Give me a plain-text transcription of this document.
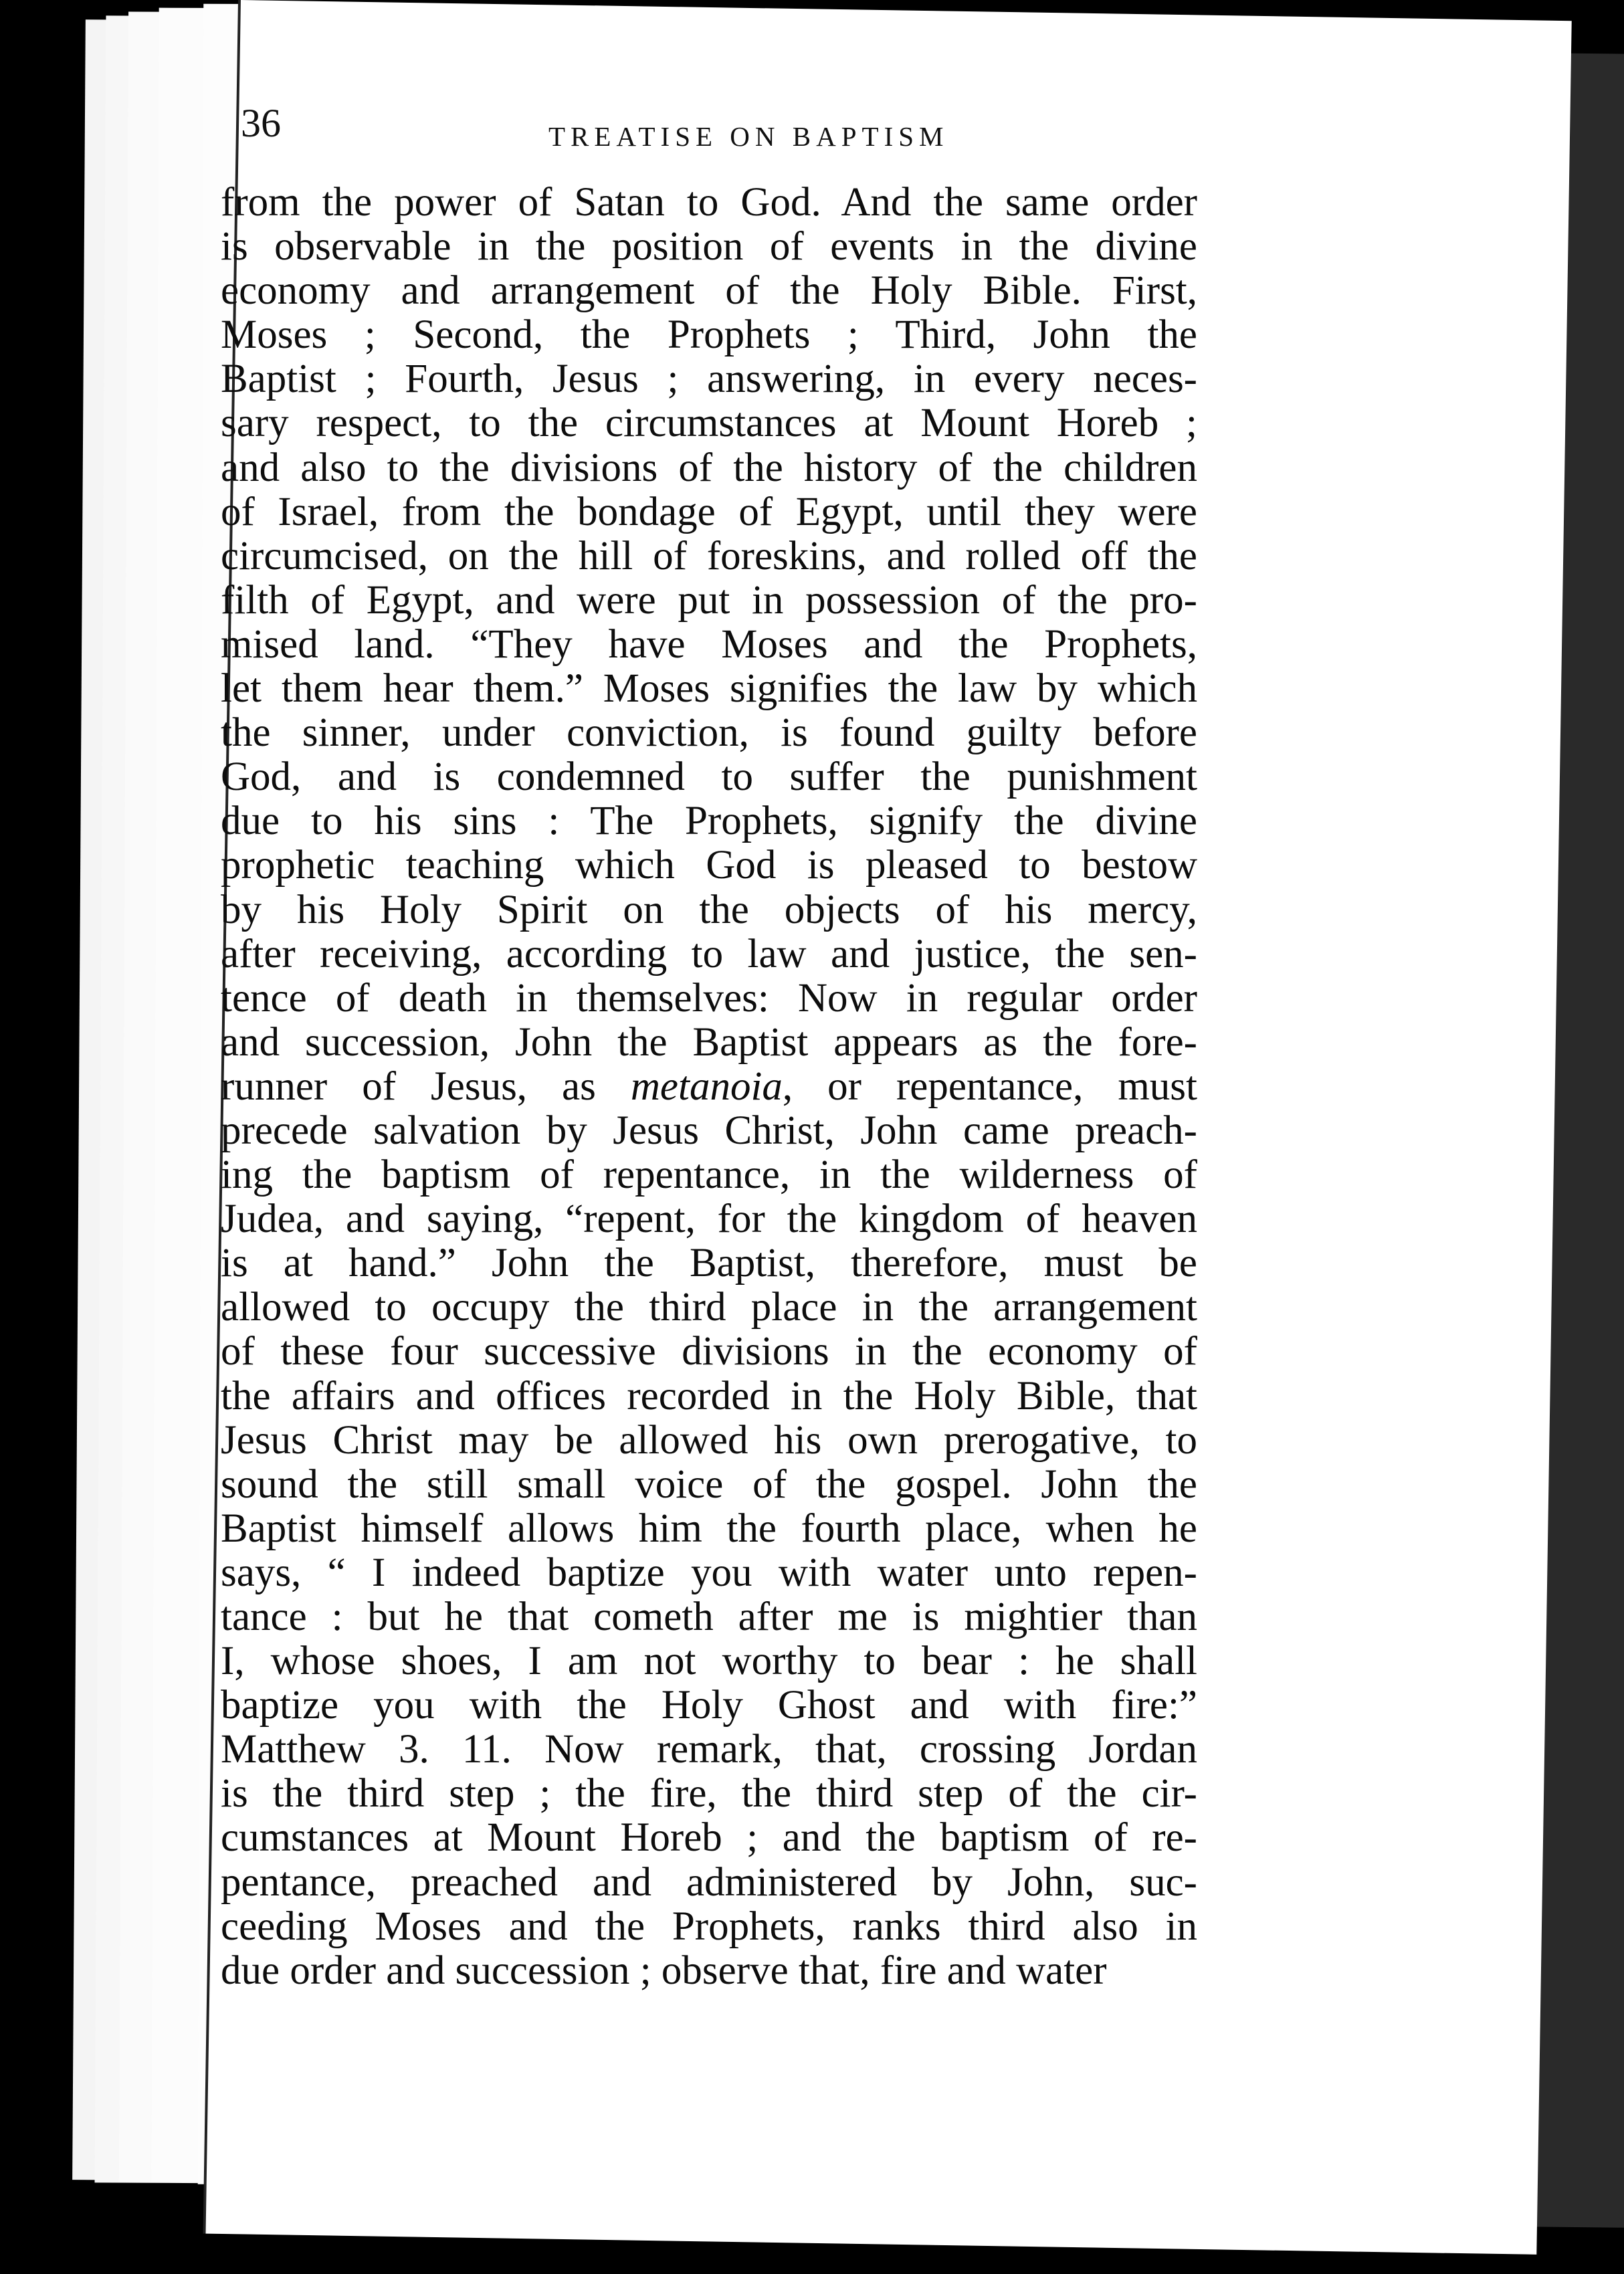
36	TREATISE ON BAPTISM
from the power of Satan to God. And the same order
is observable in the position of events in the divine
economy and arrangement of the Holy Bible. First,
Moses ; Second, the Prophets ; Third, John the
Baptist ; Fourth, Jesus ; answering, in every neces-
sary respect, to the circumstances at Mount Horeb ;
and also to the divisions of the history of the children
of Israel, from the bondage of Egypt, until they were
circumcised, on the hill of foreskins, and rolled off the
filth of Egypt, and were put in possession of the pro-
mised land. “They have Moses and the Prophets,
let them hear them.” Moses signifies the law by which
the sinner, under conviction, is found guilty before
God, and is condemned to suffer the punishment
due to his sins : The Prophets, signify the divine
prophetic teaching which God is pleased to bestow
by his Holy Spirit on the objects of his mercy,
after receiving, according to law and justice, the sen-
tence of death in themselves: Now in regular order
and succession, John the Baptist appears as the fore-
runner of Jesus, as metanoia, or repentance, must
precede salvation by Jesus Christ, John came preach-
ing the baptism of repentance, in the wilderness of
Judea, and saying, “repent, for the kingdom of heaven
is at hand.” John the Baptist, therefore, must be
allowed to occupy the third place in the arrangement
of these four successive divisions in the economy of
the affairs and offices recorded in the Holy Bible, that
Jesus Christ may be allowed his own prerogative, to
sound the still small voice of the gospel. John the
Baptist himself allows him the fourth place, when he
says, “ I indeed baptize you with water unto repen-
tance : but he that cometh after me is mightier than
I, whose shoes, I am not worthy to bear : he shall
baptize you with the Holy Ghost and with fire:”
Matthew 3. 11. Now remark, that, crossing Jordan
is the third step ; the fire, the third step of the cir-
cumstances at Mount Horeb ; and the baptism of re-
pentance, preached and administered by John, suc-
ceeding Moses and the Prophets, ranks third also in
due order and succession ; observe that, fire and water
